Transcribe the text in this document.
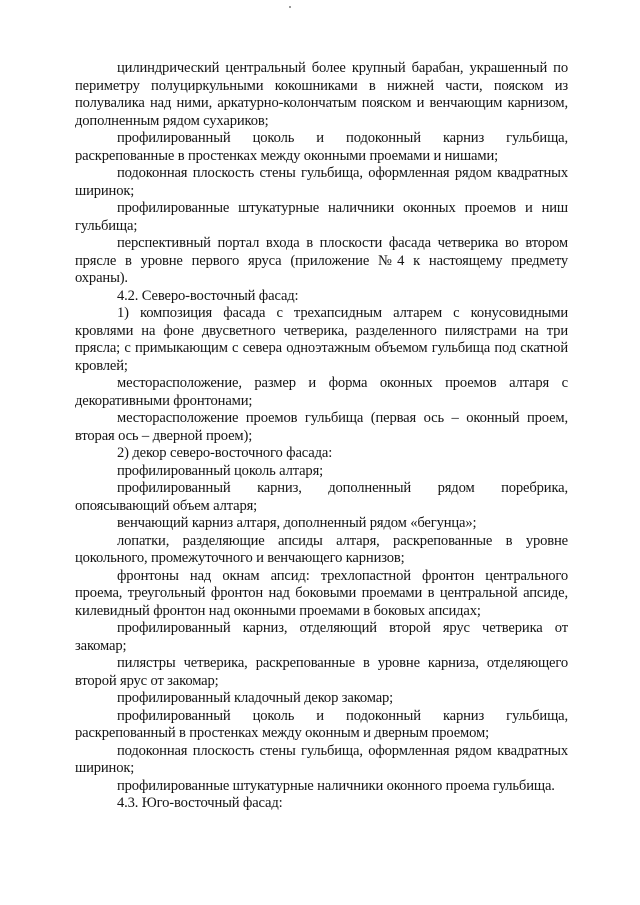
цилиндрический центральный более крупный барабан, украшенный по периметру полуциркульными кокошниками в нижней части, пояском из полувалика над ними, аркатурно-колончатым пояском и венчающим карнизом, дополненным рядом сухариков;

профилированный цоколь и подоконный карниз гульбища, раскрепованные в простенках между оконными проемами и нишами;

подоконная плоскость стены гульбища, оформленная рядом квадратных ширинок;

профилированные штукатурные наличники оконных проемов и ниш гульбища;

перспективный портал входа в плоскости фасада четверика во втором прясле в уровне первого яруса (приложение №4 к настоящему предмету охраны).

4.2. Северо-восточный фасад:

1) композиция фасада с трехапсидным алтарем с конусовидными кровлями на фоне двусветного четверика, разделенного пилястрами на три прясла; с примыкающим с севера одноэтажным объемом гульбища под скатной кровлей;

месторасположение, размер и форма оконных проемов алтаря с декоративными фронтонами;

месторасположение проемов гульбища (первая ось – оконный проем, вторая ось – дверной проем);

2) декор северо-восточного фасада:

профилированный цоколь алтаря;

профилированный карниз, дополненный рядом поребрика, опоясывающий объем алтаря;

венчающий карниз алтаря, дополненный рядом «бегунца»;

лопатки, разделяющие апсиды алтаря, раскрепованные в уровне цокольного, промежуточного и венчающего карнизов;

фронтоны над окнам апсид: трехлопастной фронтон центрального проема, треугольный фронтон над боковыми проемами в центральной апсиде, килевидный фронтон над оконными проемами в боковых апсидах;

профилированный карниз, отделяющий второй ярус четверика от закомар;

пилястры четверика, раскрепованные в уровне карниза, отделяющего второй ярус от закомар;

профилированный кладочный декор закомар;

профилированный цоколь и подоконный карниз гульбища, раскрепованный в простенках между оконным и дверным проемом;

подоконная плоскость стены гульбища, оформленная рядом квадратных ширинок;

профилированные штукатурные наличники оконного проема гульбища.

4.3. Юго-восточный фасад:
